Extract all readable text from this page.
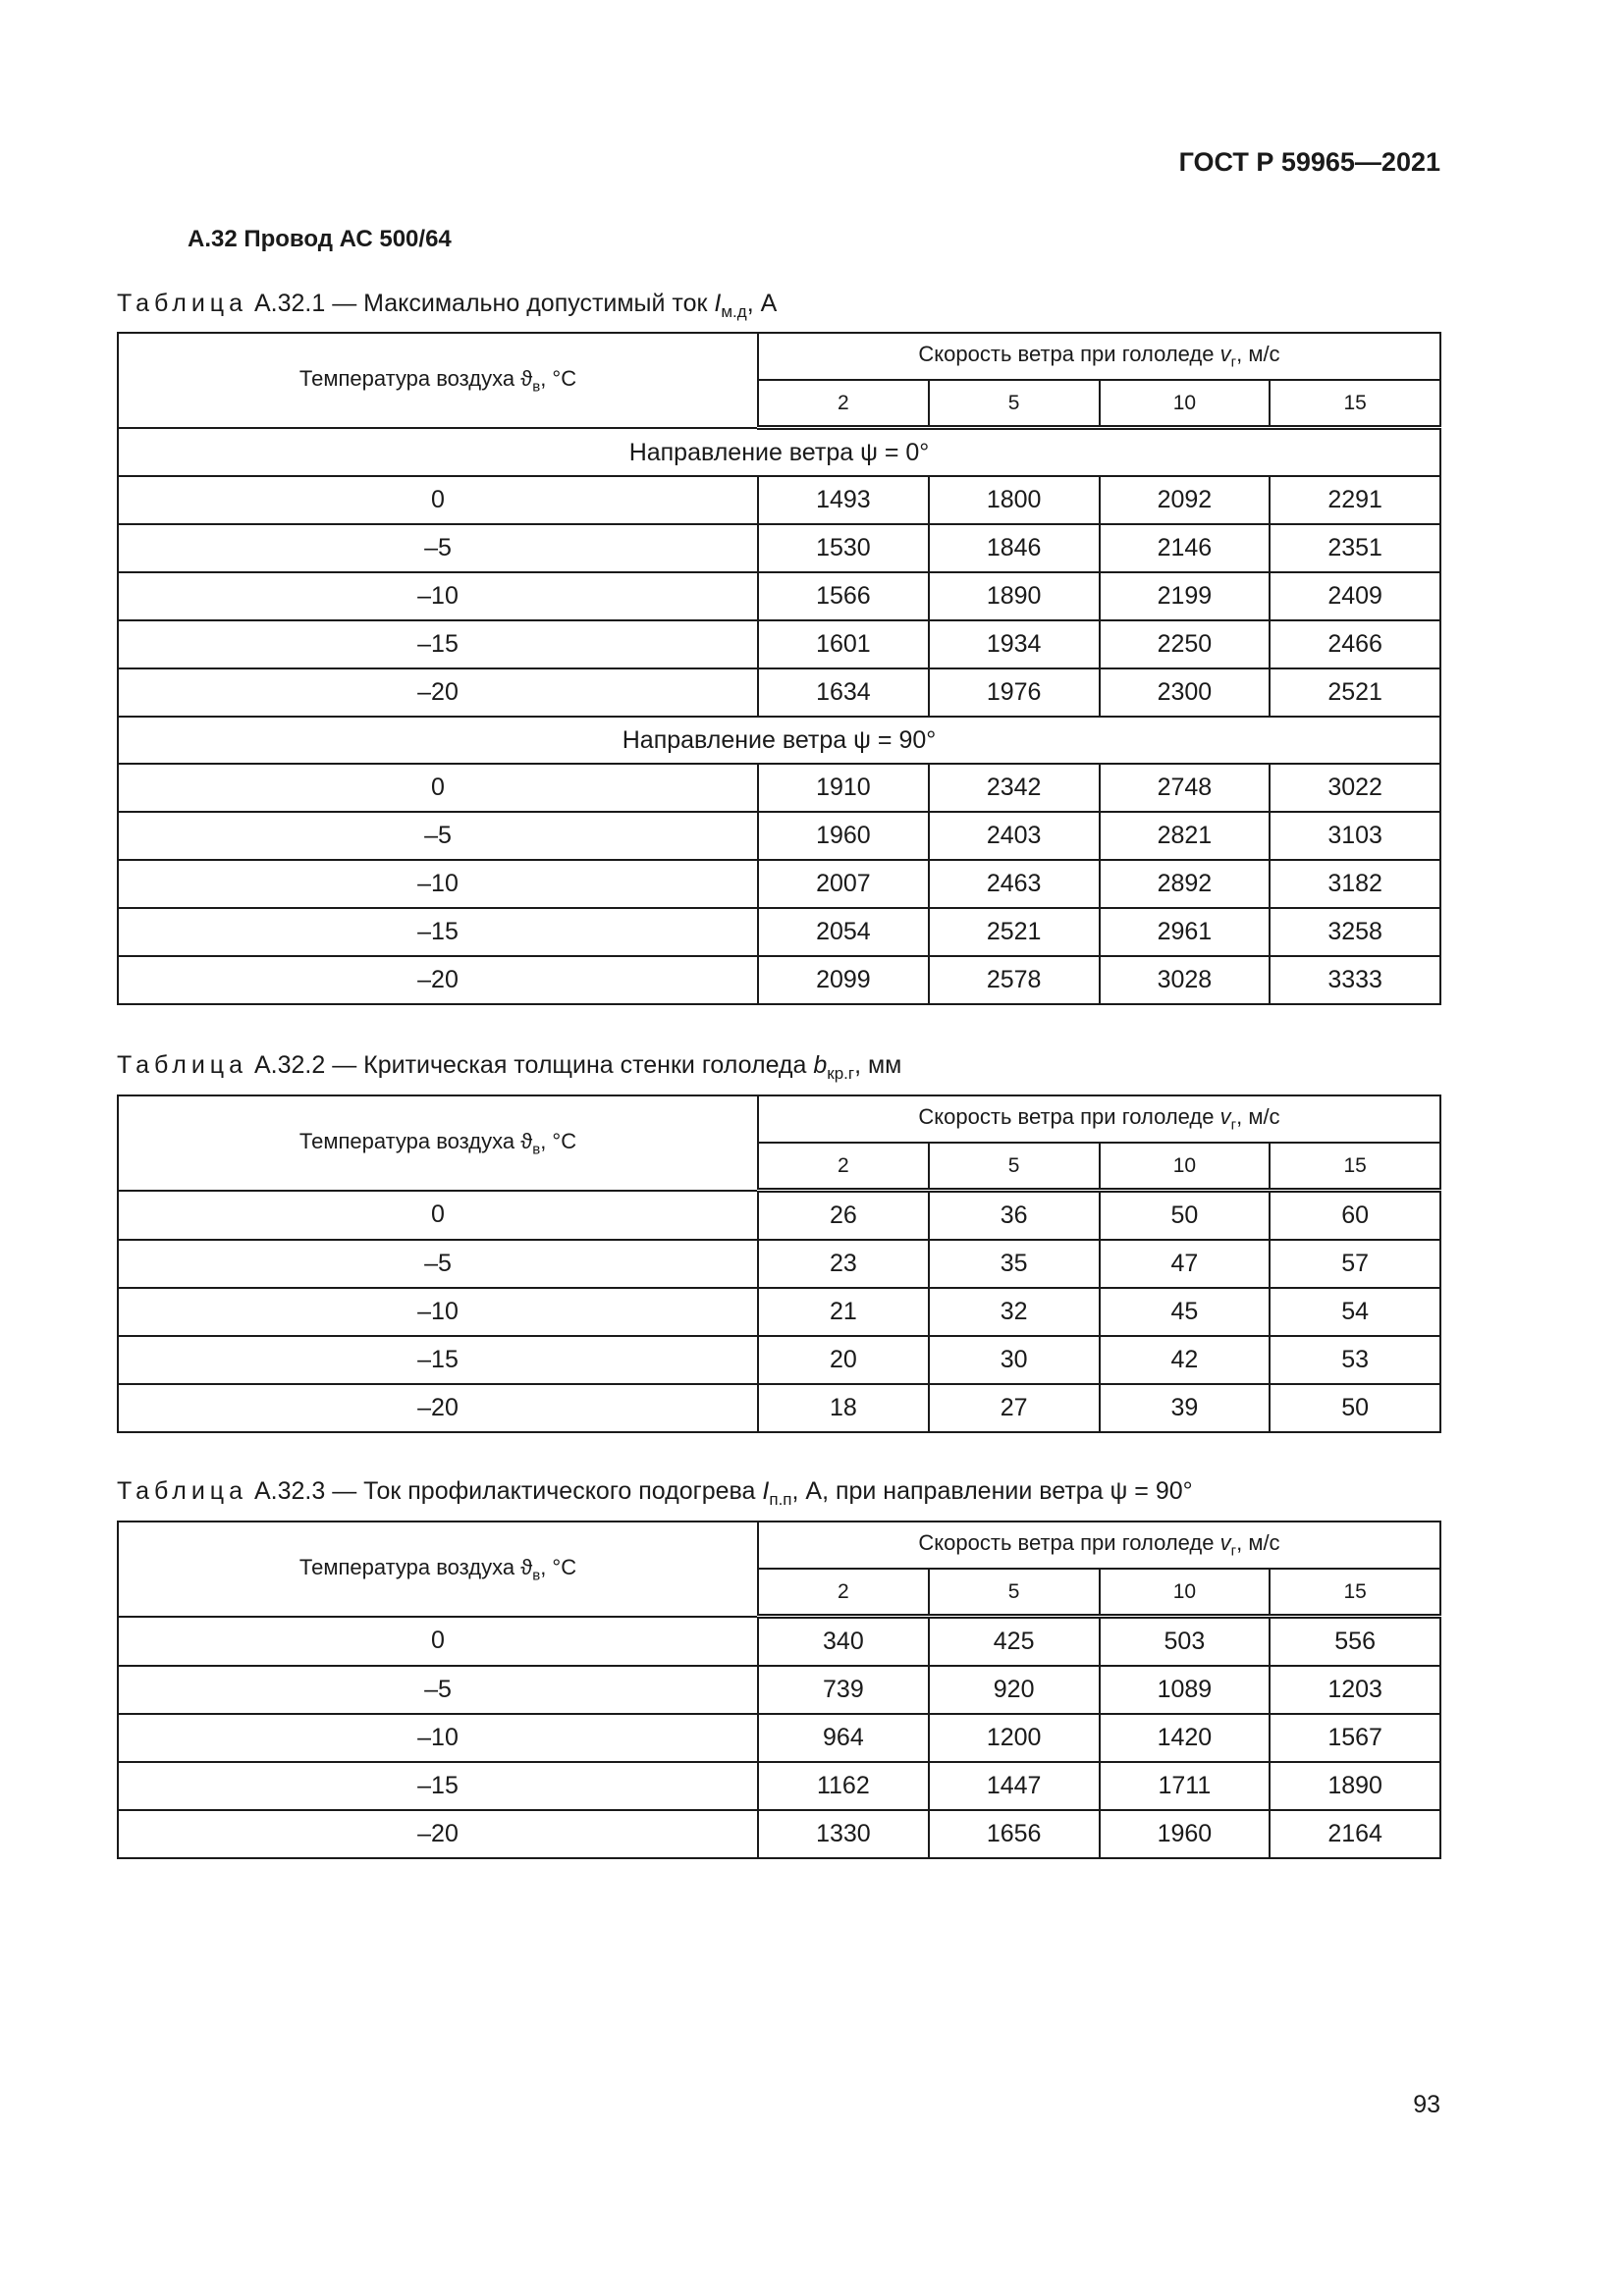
ГОСТ Р 59965—2021
А.32 Провод АС 500/64
Таблица А.32.1 — Максимально допустимый ток $I_{м.д}$, А
Температура воздуха $ϑ_в$, °С	Скорость ветра при гололеде $v_г$, м/с			
	2	5	10	15
Направление ветра ψ = 0°				
0	1493	1800	2092	2291
–5	1530	1846	2146	2351
–10	1566	1890	2199	2409
–15	1601	1934	2250	2466
–20	1634	1976	2300	2521
Направление ветра ψ = 90°				
0	1910	2342	2748	3022
–5	1960	2403	2821	3103
–10	2007	2463	2892	3182
–15	2054	2521	2961	3258
–20	2099	2578	3028	3333
Таблица А.32.2 — Критическая толщина стенки гололеда $b_{кр.г}$, мм
Температура воздуха $ϑ_в$, °С	Скорость ветра при гололеде $v_г$, м/с			
	2	5	10	15
0	26	36	50	60
–5	23	35	47	57
–10	21	32	45	54
–15	20	30	42	53
–20	18	27	39	50
Таблица А.32.3 — Ток профилактического подогрева $I_{п.п}$, А, при направлении ветра ψ = 90°
Температура воздуха $ϑ_в$, °С	Скорость ветра при гололеде $v_г$, м/с			
	2	5	10	15
0	340	425	503	556
–5	739	920	1089	1203
–10	964	1200	1420	1567
–15	1162	1447	1711	1890
–20	1330	1656	1960	2164
93
